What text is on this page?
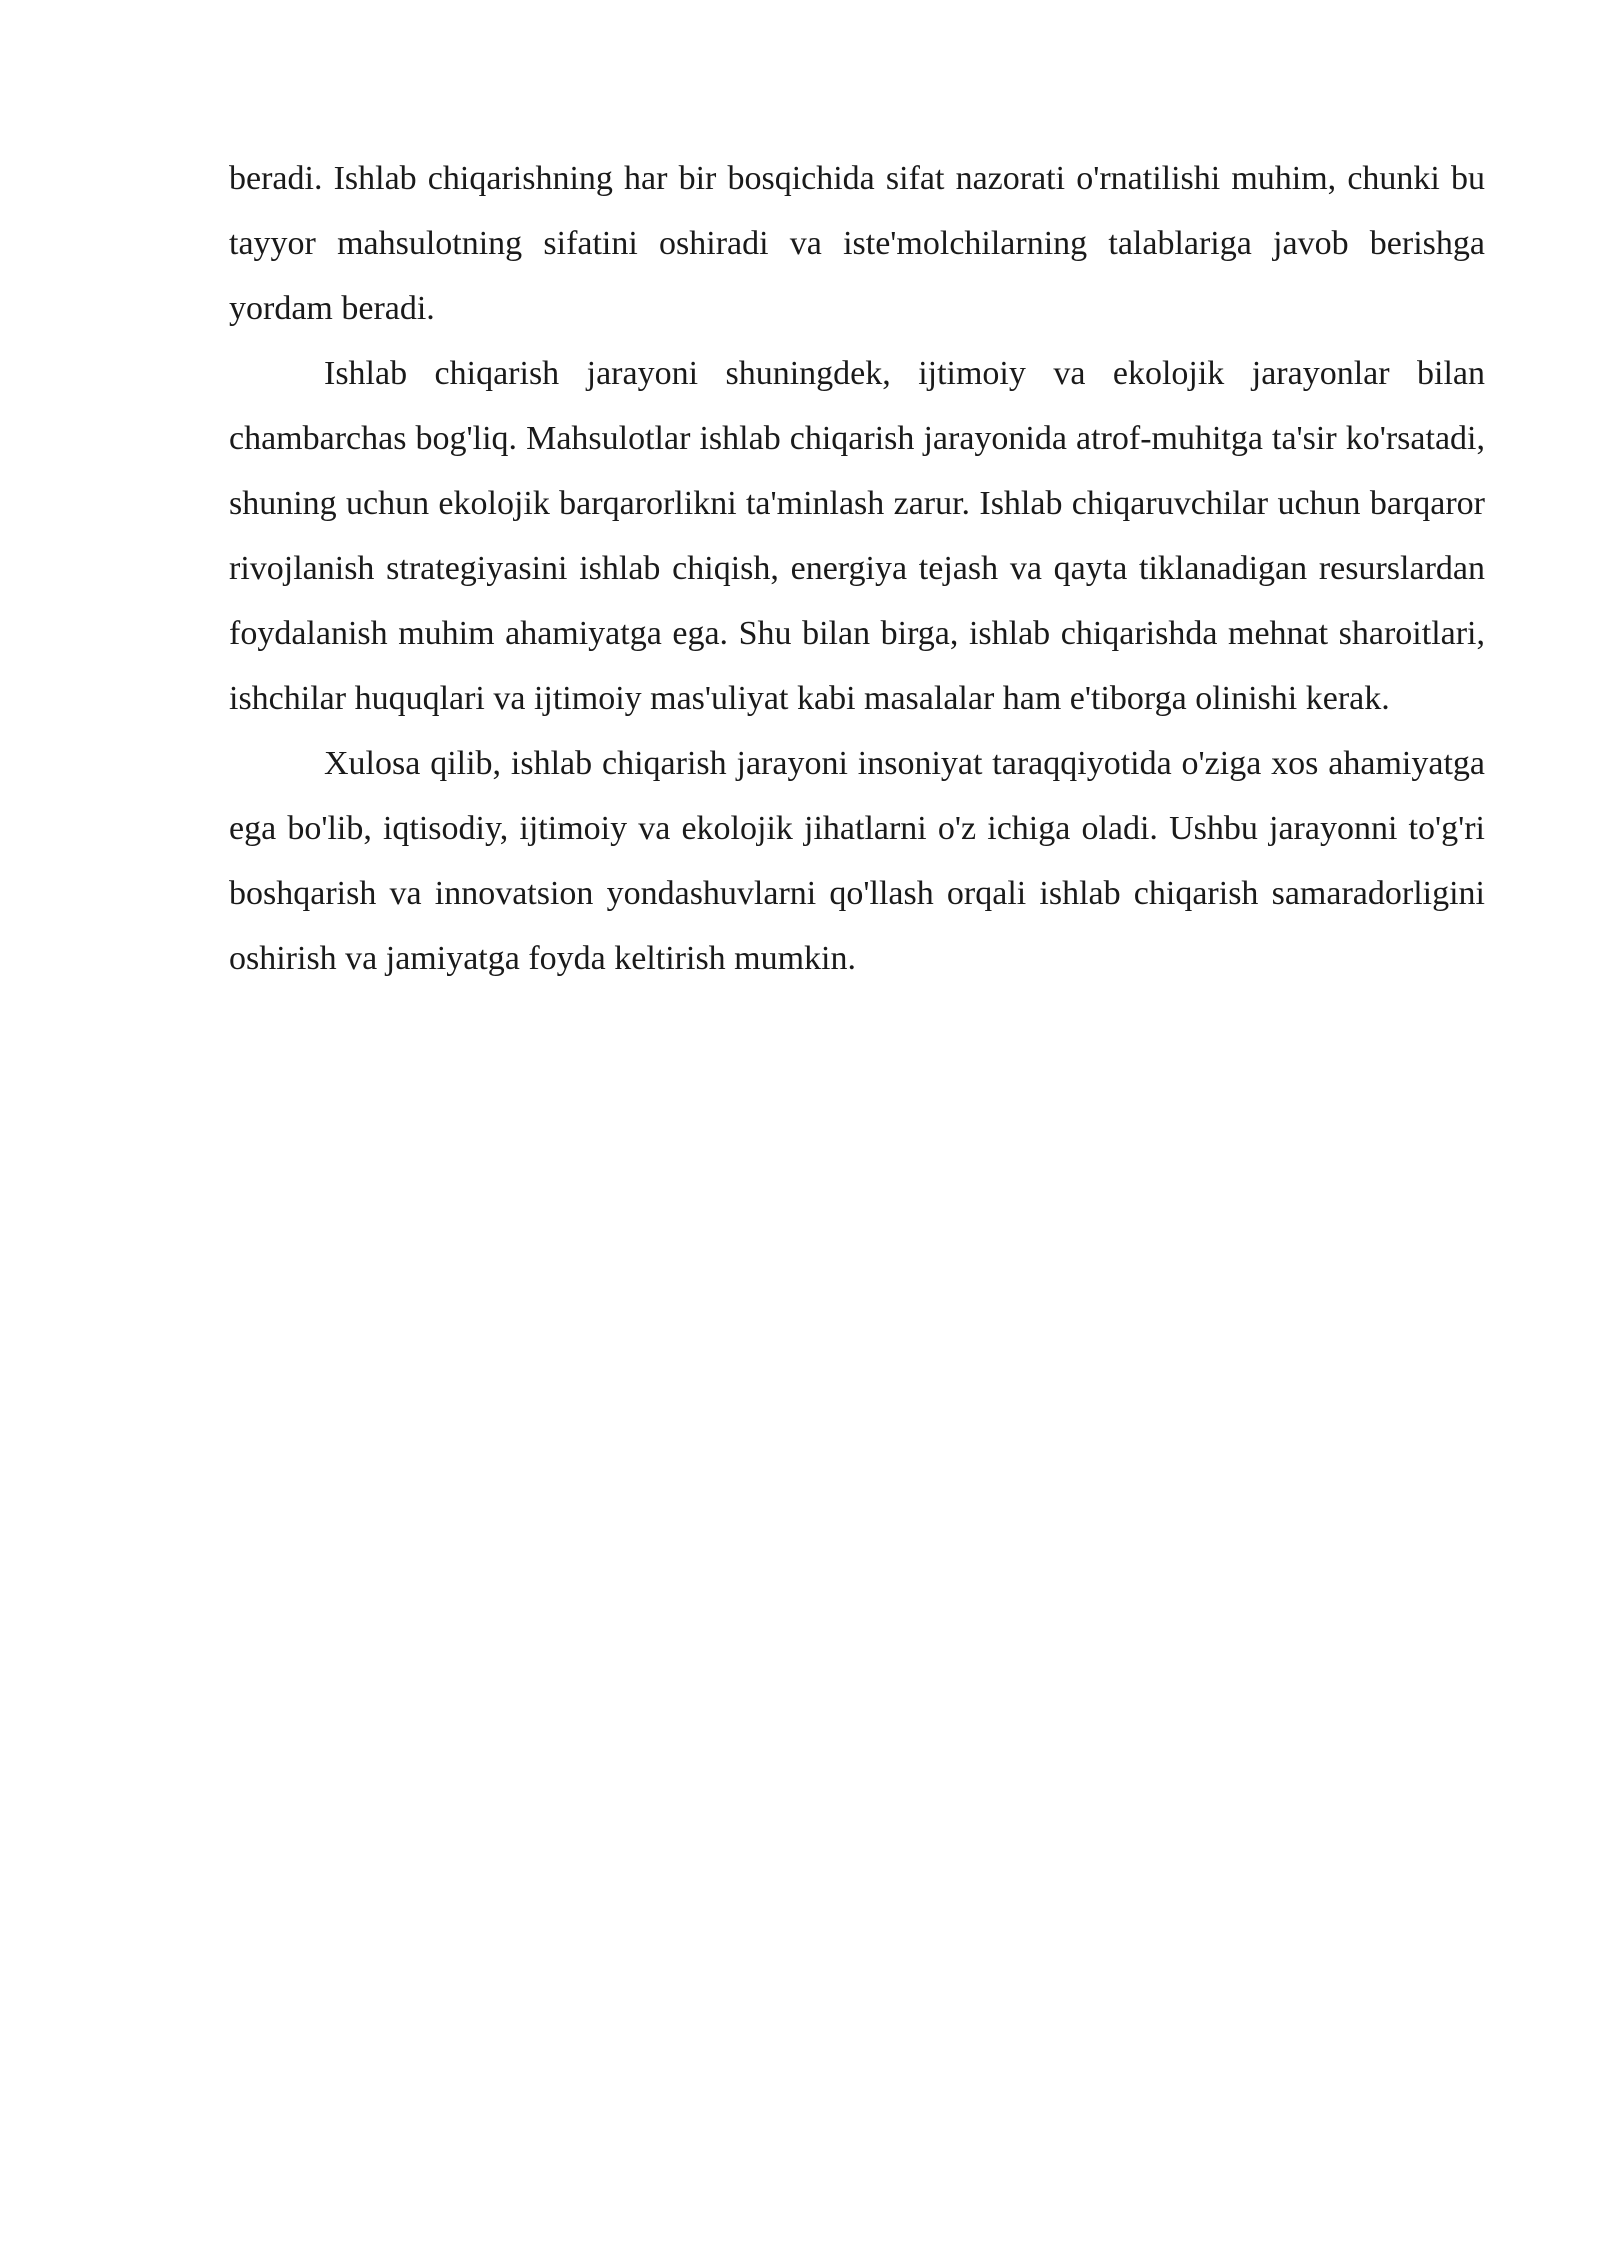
beradi. Ishlab chiqarishning har bir bosqichida sifat nazorati o'rnatilishi muhim, chunki bu tayyor mahsulotning sifatini oshiradi va iste'molchilarning talablariga javob berishga yordam beradi.

Ishlab chiqarish jarayoni shuningdek, ijtimoiy va ekolojik jarayonlar bilan chambarchas bog'liq. Mahsulotlar ishlab chiqarish jarayonida atrof-muhitga ta'sir ko'rsatadi, shuning uchun ekolojik barqarorlikni ta'minlash zarur. Ishlab chiqaruvchilar uchun barqaror rivojlanish strategiyasini ishlab chiqish, energiya tejash va qayta tiklanadigan resurslardan foydalanish muhim ahamiyatga ega. Shu bilan birga, ishlab chiqarishda mehnat sharoitlari, ishchilar huquqlari va ijtimoiy mas'uliyat kabi masalalar ham e'tiborga olinishi kerak.

Xulosa qilib, ishlab chiqarish jarayoni insoniyat taraqqiyotida o'ziga xos ahamiyatga ega bo'lib, iqtisodiy, ijtimoiy va ekolojik jihatlarni o'z ichiga oladi. Ushbu jarayonni to'g'ri boshqarish va innovatsion yondashuvlarni qo'llash orqali ishlab chiqarish samaradorligini oshirish va jamiyatga foyda keltirish mumkin.
